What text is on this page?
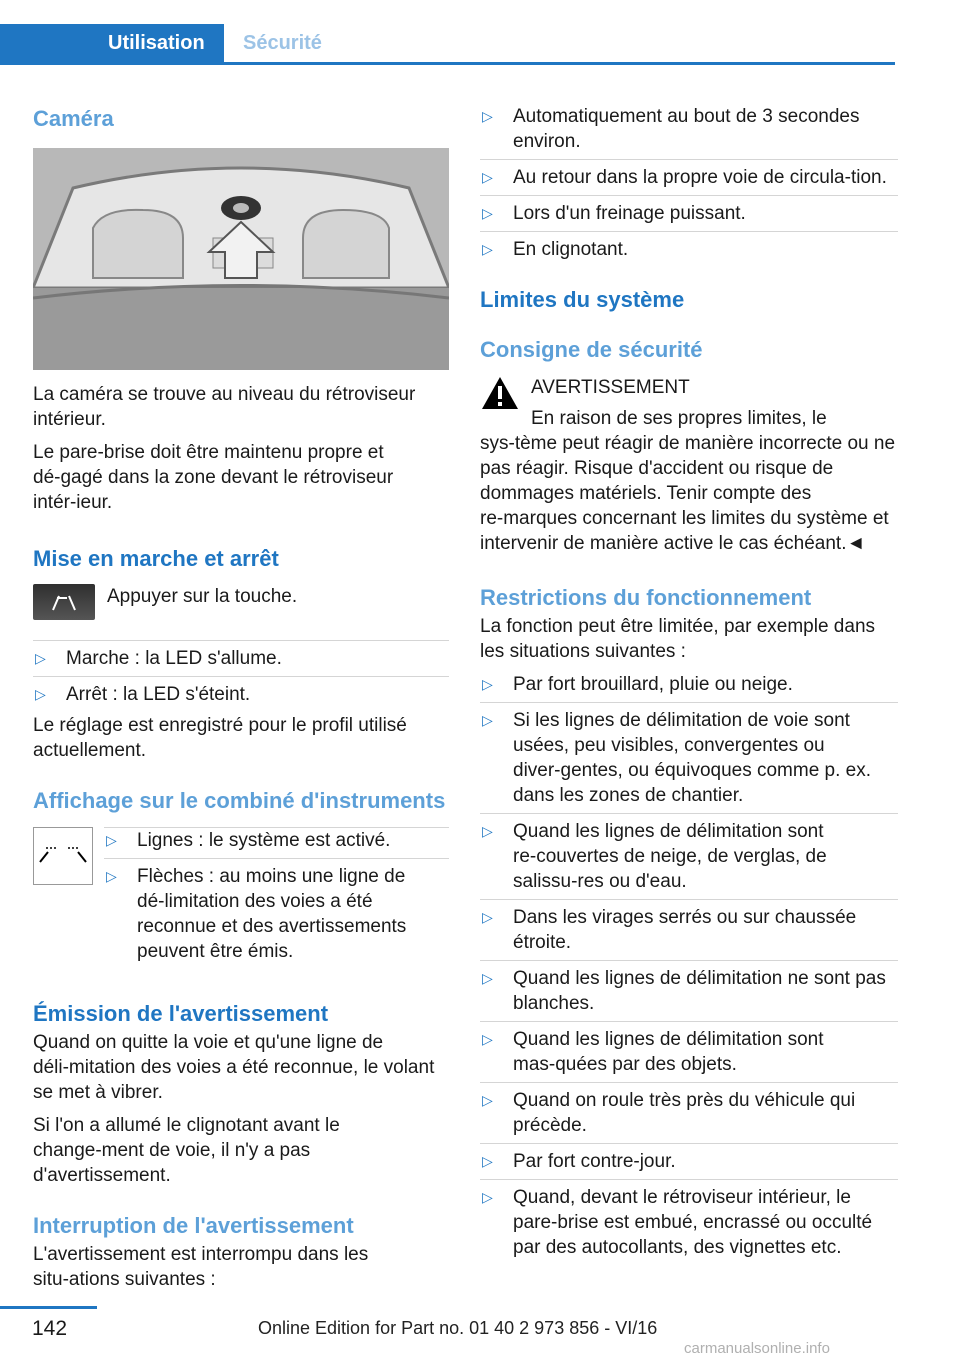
Utilisation Sécurité
Caméra

La caméra se trouve au niveau du rétroviseur intérieur.

Le pare-brise doit être maintenu propre et dé‑gagé dans la zone devant le rétroviseur intér‑ieur.

Mise en marche et arrêt

Appuyer sur la touche.

▷ Marche : la LED s'allume.
▷ Arrêt : la LED s'éteint.

Le réglage est enregistré pour le profil utilisé actuellement.

Affichage sur le combiné d'instruments
▷ Lignes : le système est activé.
▷ Flèches : au moins une ligne de dé‑limitation des voies a été reconnue et des avertissements peuvent être émis.
Émission de l'avertissement

Quand on quitte la voie et qu'une ligne de déli‑mitation des voies a été reconnue, le volant se met à vibrer.

Si l'on a allumé le clignotant avant le change‑ment de voie, il n'y a pas d'avertissement.

Interruption de l'avertissement

L'avertissement est interrompu dans les situ‑ations suivantes :

▷ Automatiquement au bout de 3 secondes environ.
▷ Au retour dans la propre voie de circula‑tion.
▷ Lors d'un freinage puissant.
▷ En clignotant.
Limites du système
Consigne de sécurité

AVERTISSEMENT

En raison de ses propres limites, le sys‑tème peut réagir de manière incorrecte ou ne pas réagir. Risque d'accident ou risque de dommages matériels. Tenir compte des re‑marques concernant les limites du système et intervenir de manière active le cas échéant.◄

Restrictions du fonctionnement

La fonction peut être limitée, par exemple dans les situations suivantes :

▷ Par fort brouillard, pluie ou neige.
▷ Si les lignes de délimitation de voie sont usées, peu visibles, convergentes ou diver‑gentes, ou équivoques comme p. ex. dans les zones de chantier.
▷ Quand les lignes de délimitation sont re‑couvertes de neige, de verglas, de salissu‑res ou d'eau.
▷ Dans les virages serrés ou sur chaussée étroite.
▷ Quand les lignes de délimitation ne sont pas blanches.
▷ Quand les lignes de délimitation sont mas‑quées par des objets.
▷ Quand on roule très près du véhicule qui précède.
▷ Par fort contre-jour.
▷ Quand, devant le rétroviseur intérieur, le pare-brise est embué, encrassé ou occulté par des autocollants, des vignettes etc.
142	Online Edition for Part no. 01 40 2 973 856 - VI/16
carmanualsonline.info
